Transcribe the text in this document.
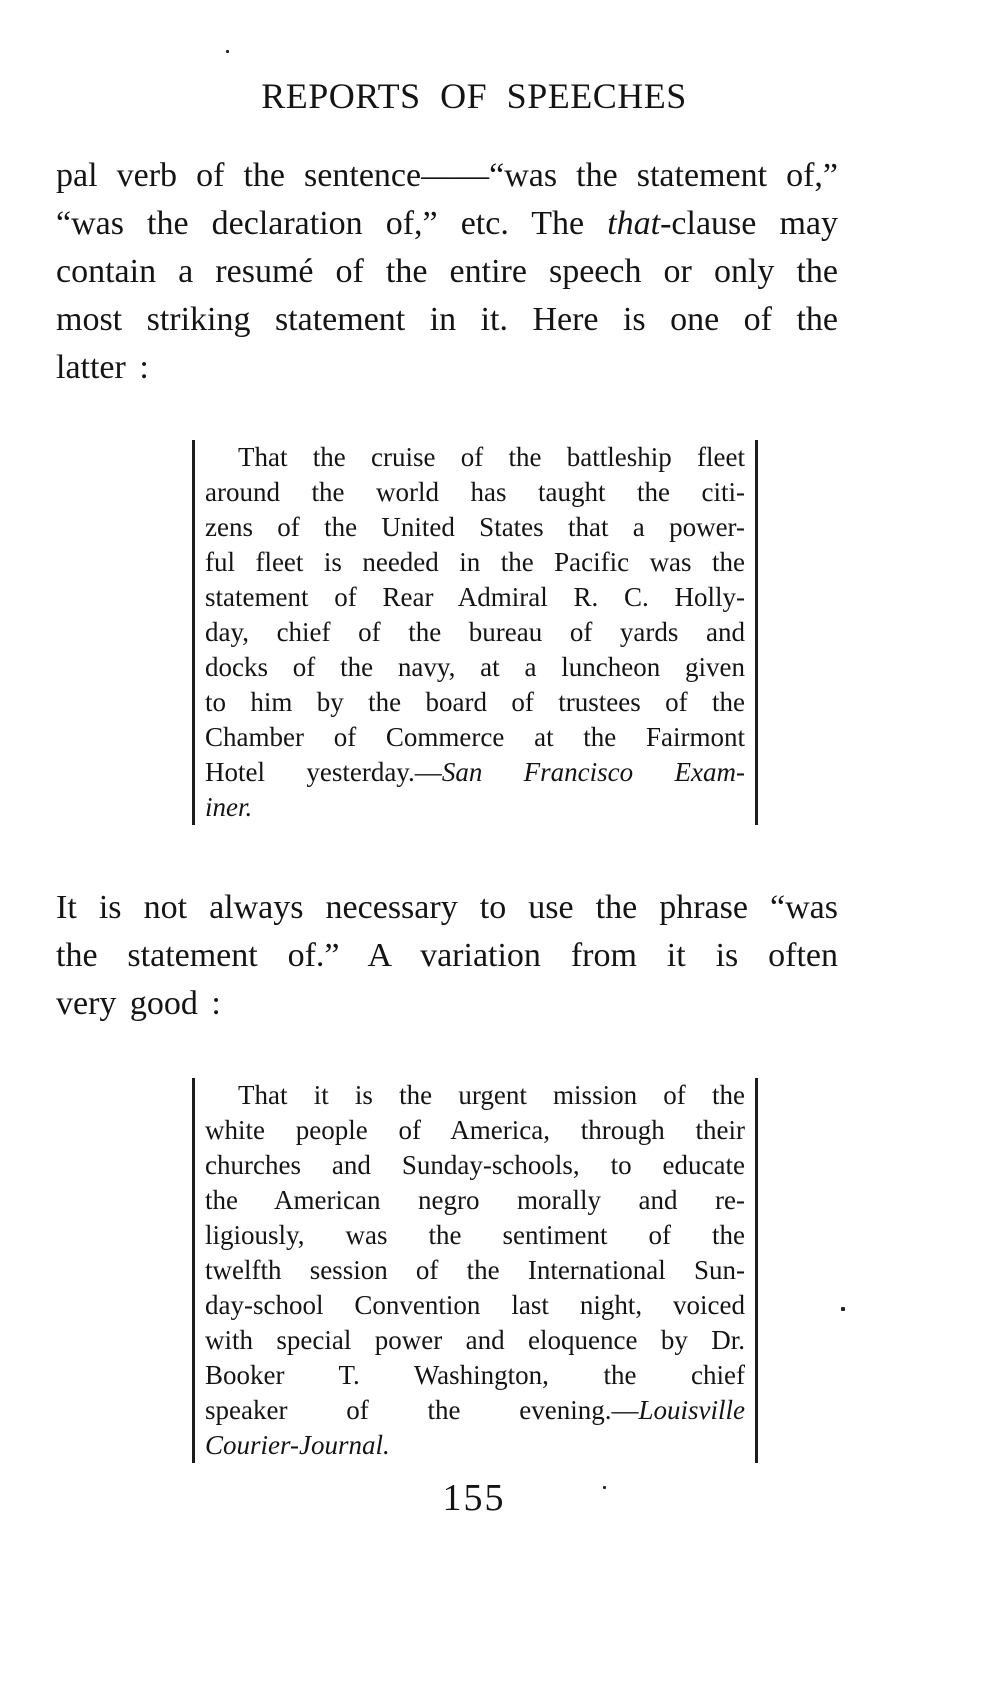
REPORTS OF SPEECHES
pal verb of the sentence——“was the statement of,”
“was the declaration of,” etc. The that-clause may
contain a resumé of the entire speech or only the
most striking statement in it. Here is one of the
latter :
That the cruise of the battleship fleet
around the world has taught the citi-
zens of the United States that a power-
ful fleet is needed in the Pacific was the
statement of Rear Admiral R. C. Holly-
day, chief of the bureau of yards and
docks of the navy, at a luncheon given
to him by the board of trustees of the
Chamber of Commerce at the Fairmont
Hotel yesterday.—San Francisco Exam-
iner.
It is not always necessary to use the phrase “was
the statement of.” A variation from it is often
very good :
That it is the urgent mission of the
white people of America, through their
churches and Sunday-schools, to educate
the American negro morally and re-
ligiously, was the sentiment of the
twelfth session of the International Sun-
day-school Convention last night, voiced
with special power and eloquence by Dr.
Booker T. Washington, the chief
speaker of the evening.—Louisville
Courier-Journal.
155
